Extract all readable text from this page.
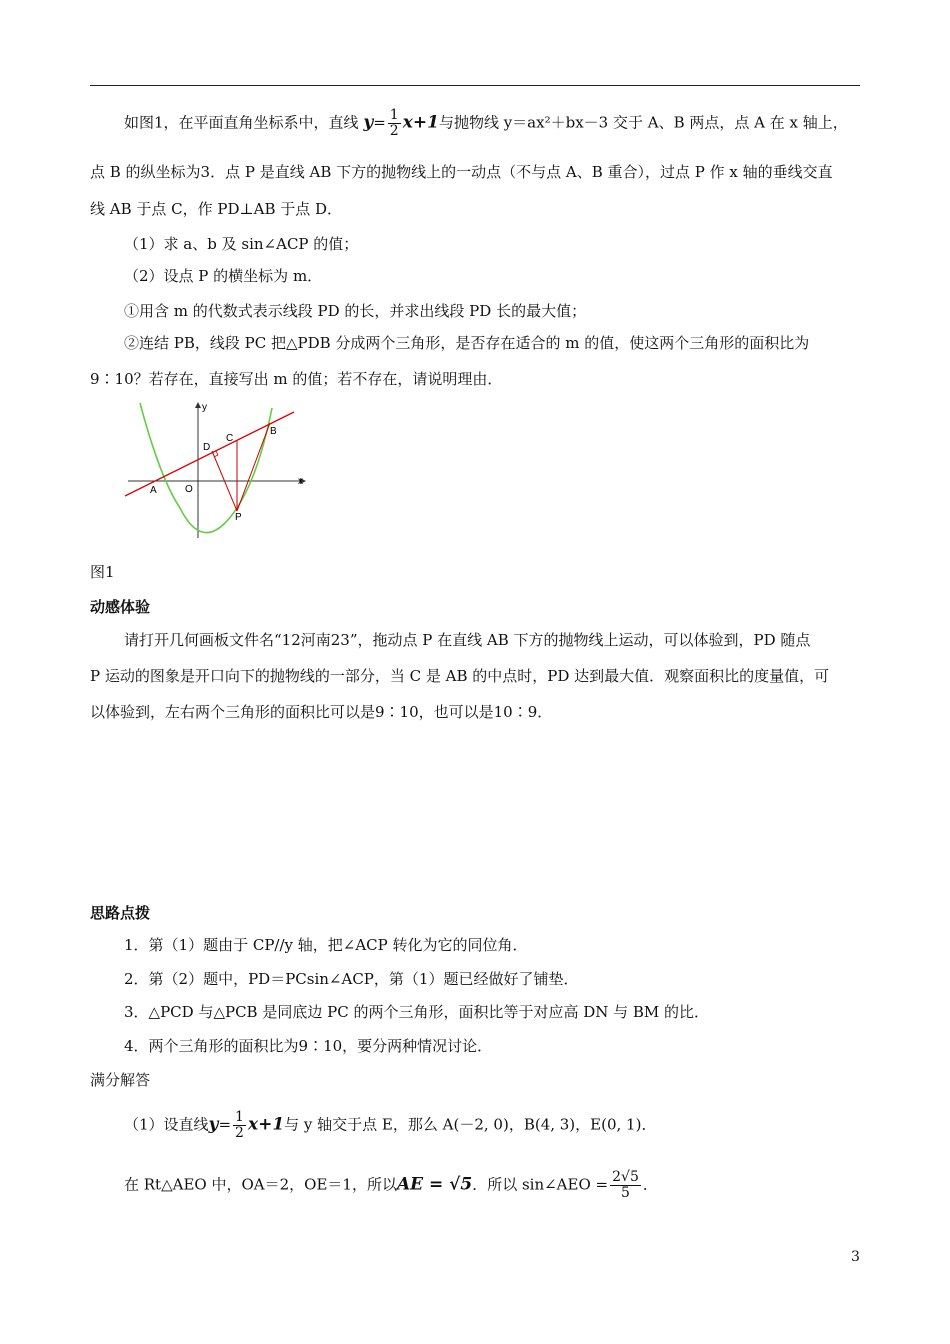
如图1，在平面直角坐标系中，直线 $y= \frac{1}{2} x+1$与抛物线 y＝ax²＋bx－3 交于 A、B 两点，点 A 在 x 轴上，
点 B 的纵坐标为3．点 P 是直线 AB 下方的抛物线上的一动点（不与点 A、B 重合），过点 P 作 x 轴的垂线交直
线 AB 于点 C，作 PD⊥AB 于点 D．
（1）求 a、b 及 sin∠ACP 的值；
（2）设点 P 的横坐标为 m．
①用含 m 的代数式表示线段 PD 的长，并求出线段 PD 长的最大值；
②连结 PB，线段 PC 把△PDB 分成两个三角形，是否存在适合的 m 的值，使这两个三角形的面积比为
9∶10？若存在，直接写出 m 的值；若不存在，请说明理由．
y
x
A
B
C
D
O
P
图1
动感体验
请打开几何画板文件名“12河南23”，拖动点 P 在直线 AB 下方的抛物线上运动，可以体验到，PD 随点
P 运动的图象是开口向下的抛物线的一部分，当 C 是 AB 的中点时，PD 达到最大值．观察面积比的度量值，可
以体验到，左右两个三角形的面积比可以是9∶10，也可以是10∶9．
思路点拨
1．第（1）题由于 CP//y 轴，把∠ACP 转化为它的同位角．
2．第（2）题中，PD＝PCsin∠ACP，第（1）题已经做好了铺垫．
3．△PCD 与△PCB 是同底边 PC 的两个三角形，面积比等于对应高 DN 与 BM 的比．
4．两个三角形的面积比为9∶10，要分两种情况讨论．
满分解答
（1）设直线$y= \frac{1}{2} x+1$与 y 轴交于点 E，那么 A(－2, 0)，B(4, 3)，E(0, 1)．
在 Rt△AEO 中，OA＝2，OE＝1，所以AE = √5．所以 sin∠AEO = $\frac{2√5}{5}$ ．
3
